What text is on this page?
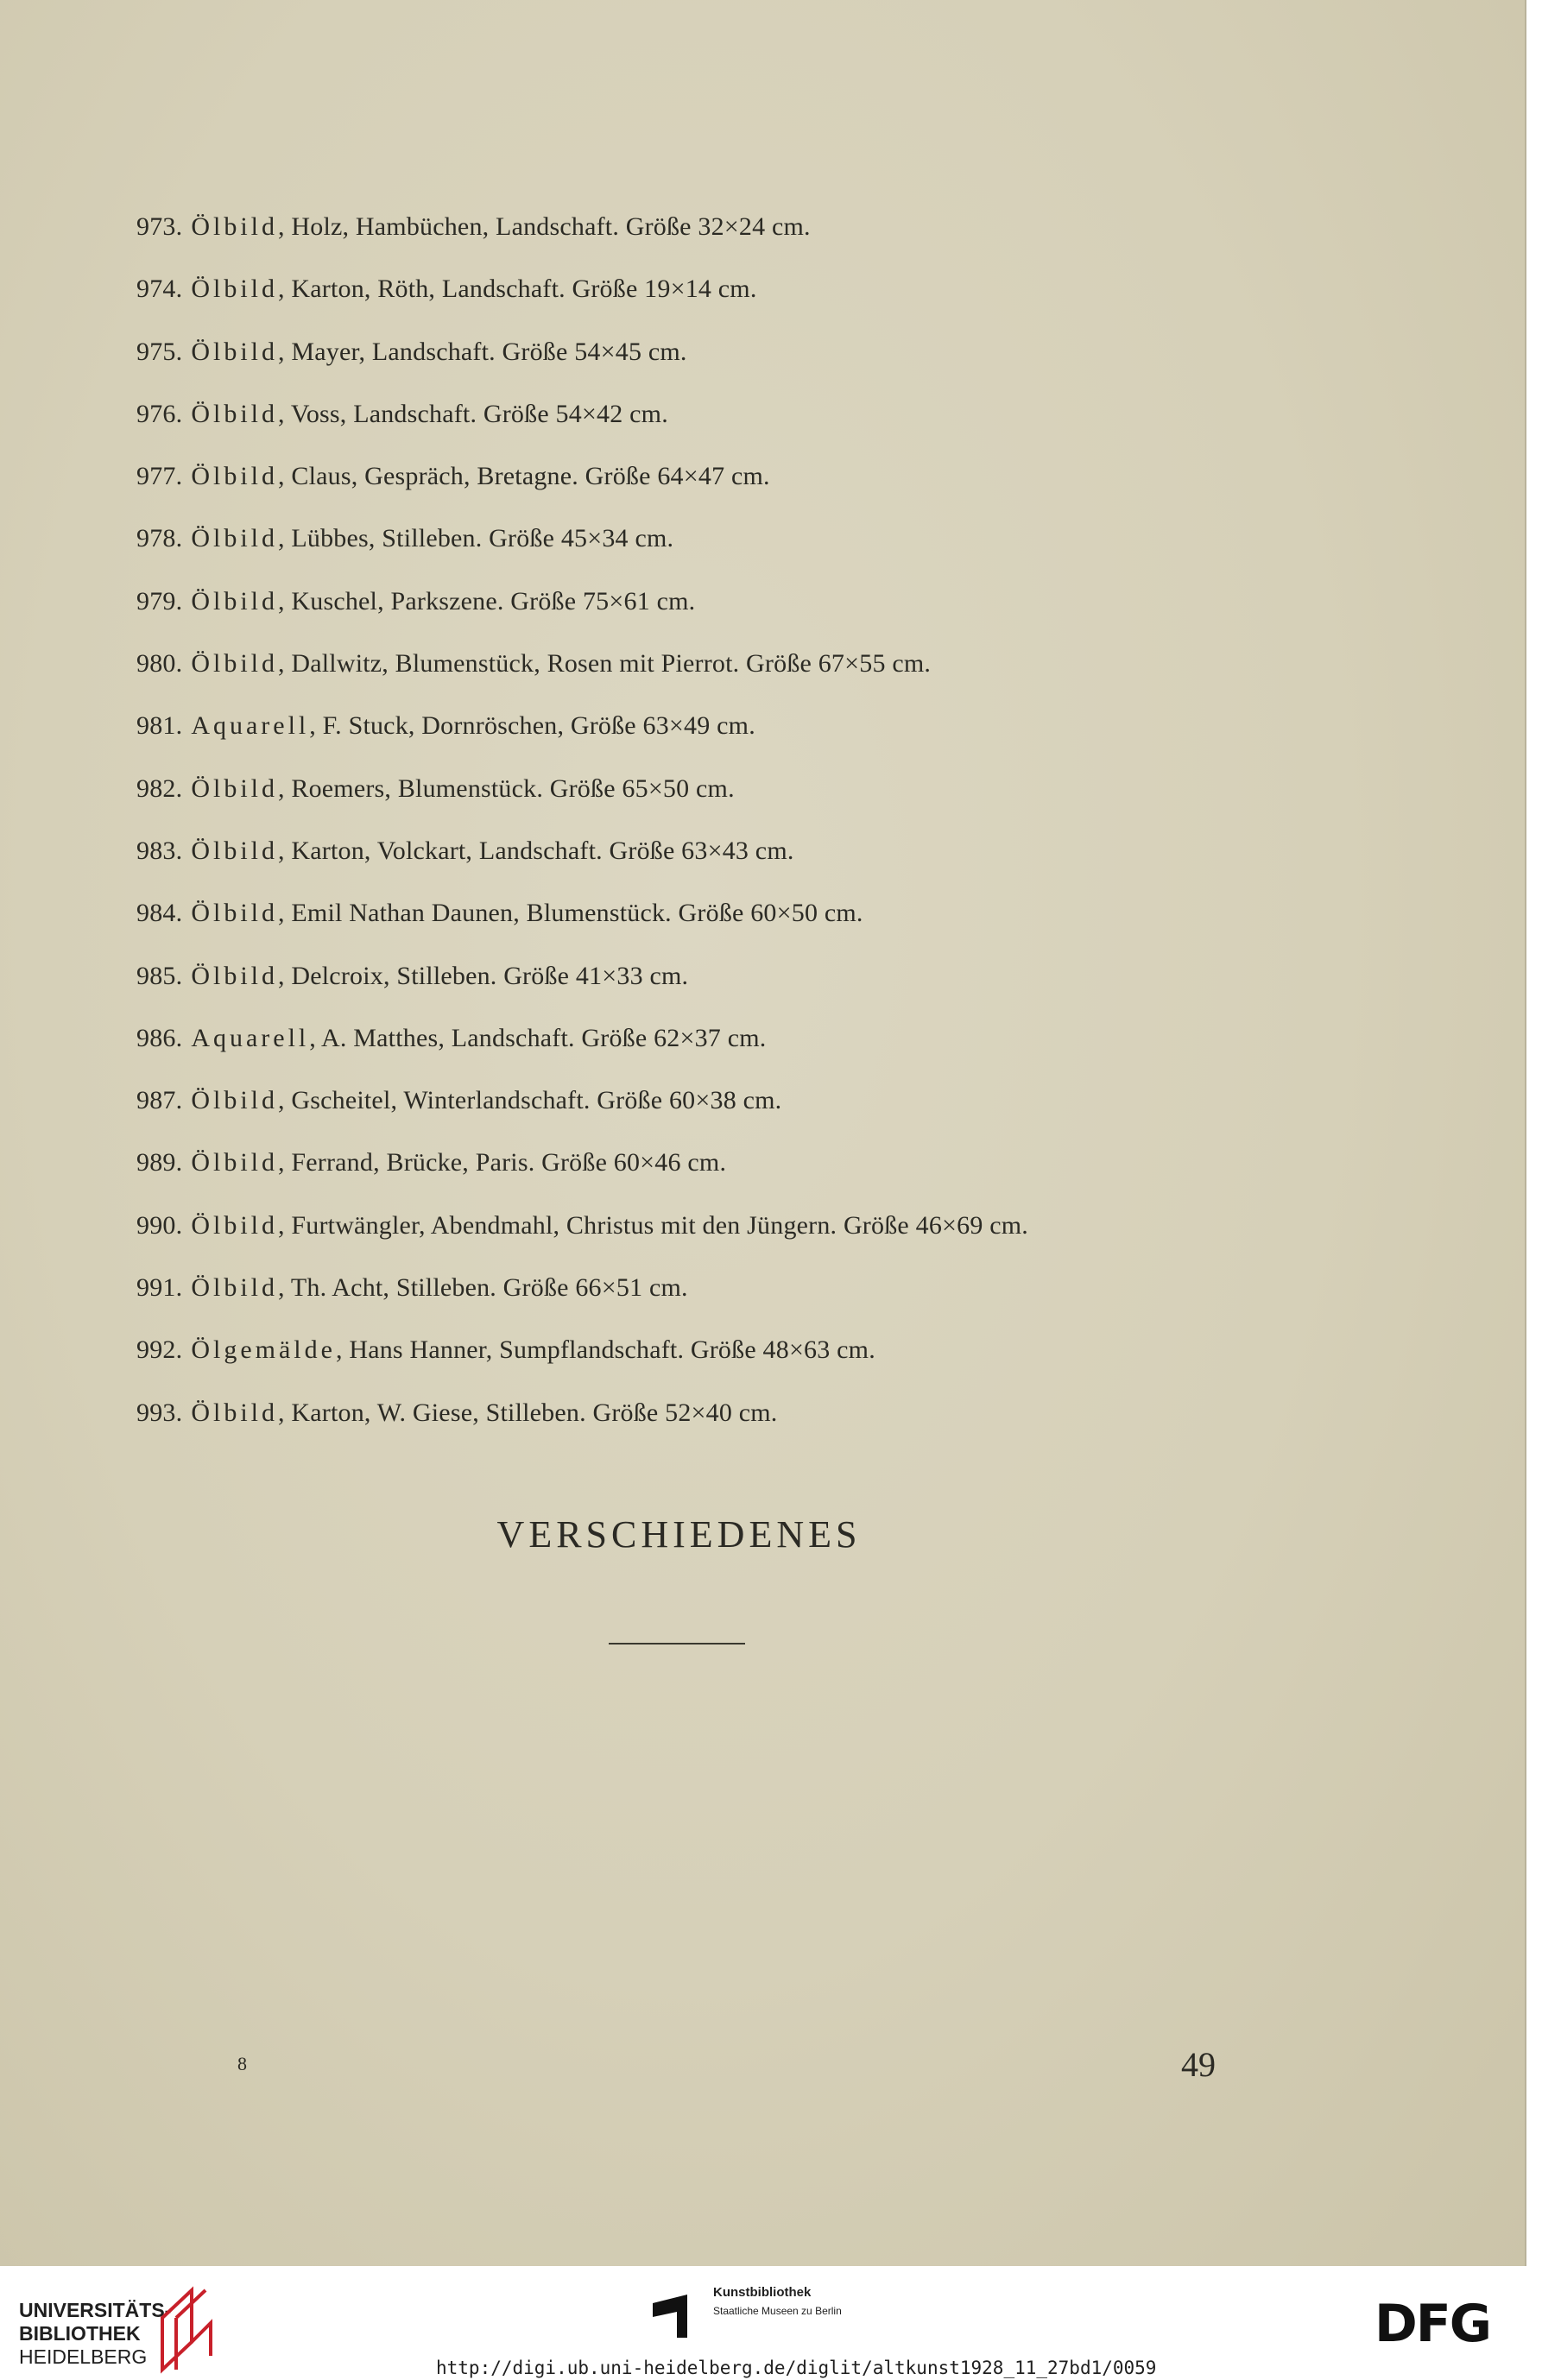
973. Ölbild, Holz, Hambüchen, Landschaft. Größe 32×24 cm.
974. Ölbild, Karton, Röth, Landschaft. Größe 19×14 cm.
975. Ölbild, Mayer, Landschaft. Größe 54×45 cm.
976. Ölbild, Voss, Landschaft. Größe 54×42 cm.
977. Ölbild, Claus, Gespräch, Bretagne. Größe 64×47 cm.
978. Ölbild, Lübbes, Stilleben. Größe 45×34 cm.
979. Ölbild, Kuschel, Parkszene. Größe 75×61 cm.
980. Ölbild, Dallwitz, Blumenstück, Rosen mit Pierrot. Größe 67×55 cm.
981. Aquarell, F. Stuck, Dornröschen, Größe 63×49 cm.
982. Ölbild, Roemers, Blumenstück. Größe 65×50 cm.
983. Ölbild, Karton, Volckart, Landschaft. Größe 63×43 cm.
984. Ölbild, Emil Nathan Daunen, Blumenstück. Größe 60×50 cm.
985. Ölbild, Delcroix, Stilleben. Größe 41×33 cm.
986. Aquarell, A. Matthes, Landschaft. Größe 62×37 cm.
987. Ölbild, Gscheitel, Winterlandschaft. Größe 60×38 cm.
989. Ölbild, Ferrand, Brücke, Paris. Größe 60×46 cm.
990. Ölbild, Furtwängler, Abendmahl, Christus mit den Jüngern. Größe 46×69 cm.
991. Ölbild, Th. Acht, Stilleben. Größe 66×51 cm.
992. Ölgemälde, Hans Hanner, Sumpflandschaft. Größe 48×63 cm.
993. Ölbild, Karton, W. Giese, Stilleben. Größe 52×40 cm.
VERSCHIEDENES
8	49
UNIVERSITÄTS-
BIBLIOTHEK
HEIDELBERG
Kunstbibliothek
Staatliche Museen zu Berlin	DFG
http://digi.ub.uni-heidelberg.de/diglit/altkunst1928_11_27bd1/0059
